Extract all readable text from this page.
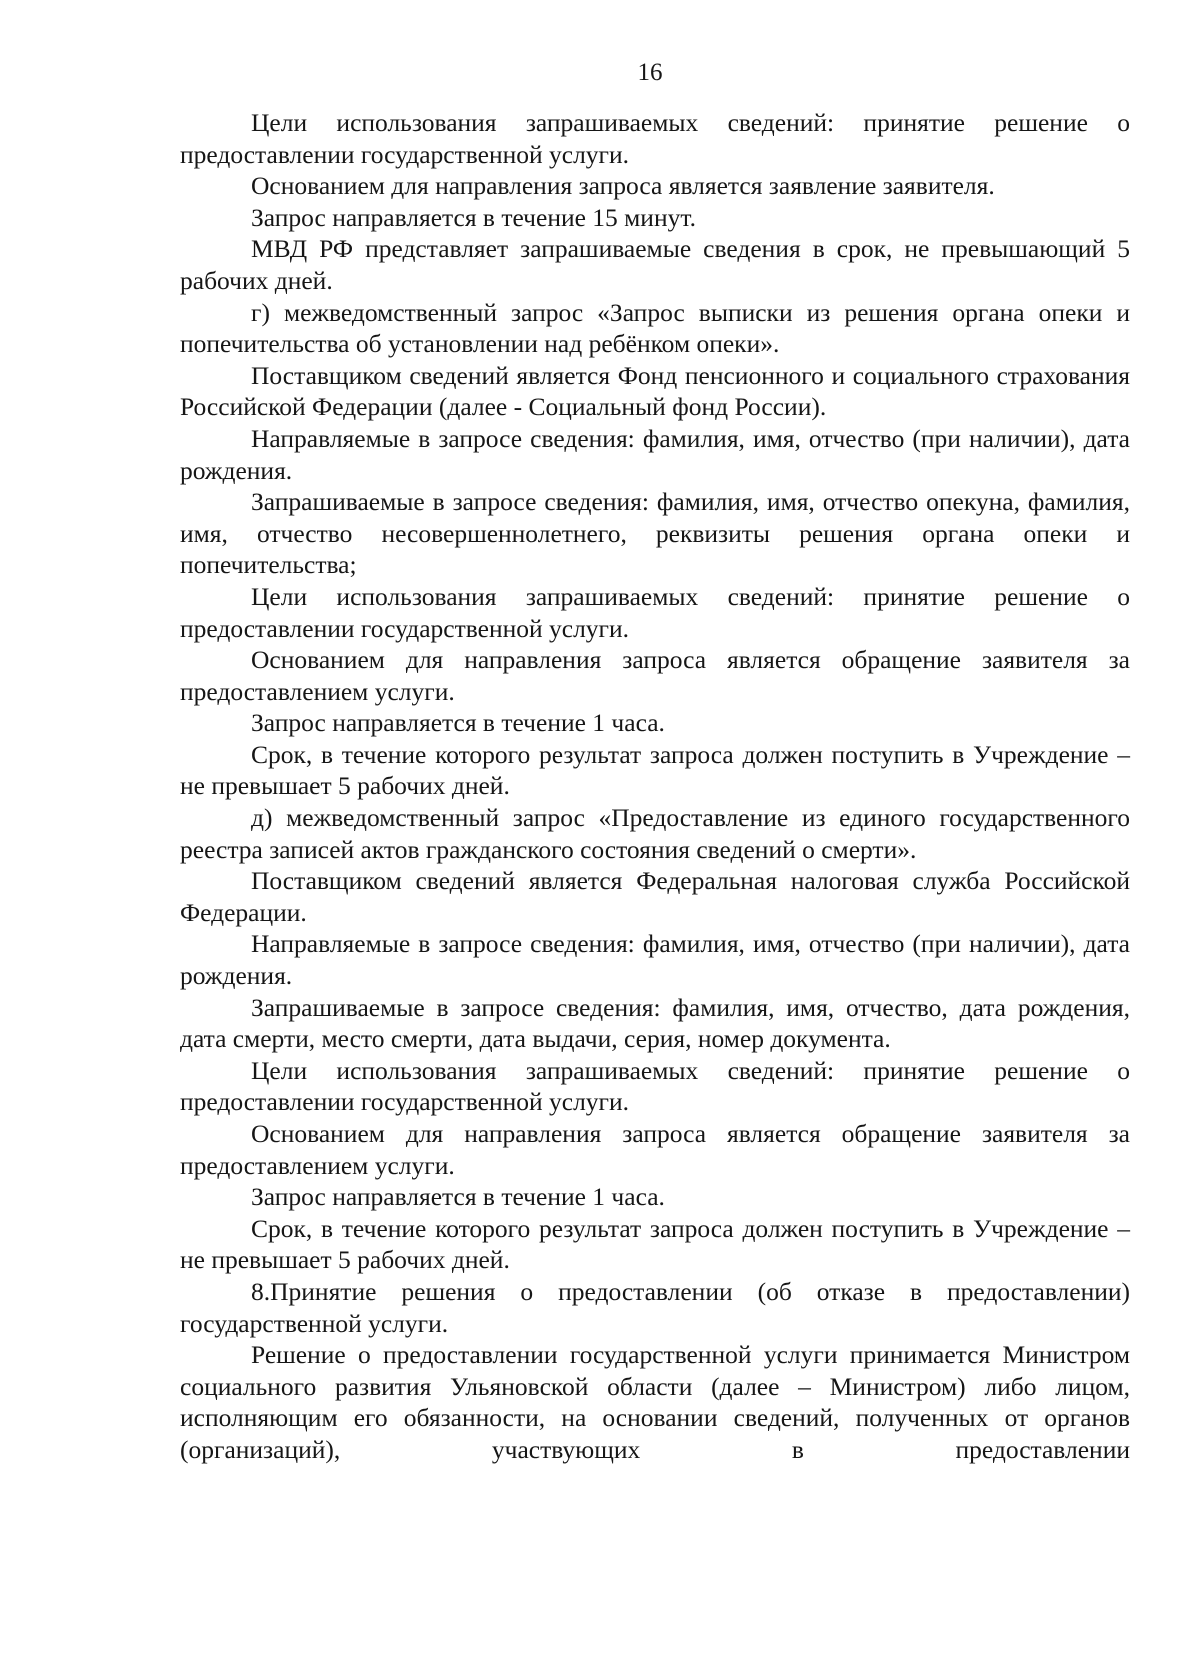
16

Цели использования запрашиваемых сведений: принятие решение о предоставлении государственной услуги.

Основанием для направления запроса является заявление заявителя.

Запрос направляется в течение 15 минут.

МВД РФ представляет запрашиваемые сведения в срок, не превышающий 5 рабочих дней.

г) межведомственный запрос «Запрос выписки из решения органа опеки и попечительства об установлении над ребёнком опеки».

Поставщиком сведений является Фонд пенсионного и социального страхования Российской Федерации (далее - Социальный фонд России).

Направляемые в запросе сведения: фамилия, имя, отчество (при наличии), дата рождения.

Запрашиваемые в запросе сведения: фамилия, имя, отчество опекуна, фамилия, имя, отчество несовершеннолетнего, реквизиты решения органа опеки и попечительства;

Цели использования запрашиваемых сведений: принятие решение о предоставлении государственной услуги.

Основанием для направления запроса является обращение заявителя за предоставлением услуги.

Запрос направляется в течение 1 часа.

Срок, в течение которого результат запроса должен поступить в Учреждение – не превышает 5 рабочих дней.

д) межведомственный запрос «Предоставление из единого государственного реестра записей актов гражданского состояния сведений о смерти».

Поставщиком сведений является Федеральная налоговая служба Российской Федерации.

Направляемые в запросе сведения: фамилия, имя, отчество (при наличии), дата рождения.

Запрашиваемые в запросе сведения: фамилия, имя, отчество, дата рождения, дата смерти, место смерти, дата выдачи, серия, номер документа.

Цели использования запрашиваемых сведений: принятие решение о предоставлении государственной услуги.

Основанием для направления запроса является обращение заявителя за предоставлением услуги.

Запрос направляется в течение 1 часа.

Срок, в течение которого результат запроса должен поступить в Учреждение – не превышает 5 рабочих дней.

8.Принятие решения о предоставлении (об отказе в предоставлении) государственной услуги.

Решение о предоставлении государственной услуги принимается Министром социального развития Ульяновской области (далее – Министром) либо лицом, исполняющим его обязанности, на основании сведений, полученных от органов (организаций), участвующих в предоставлении
